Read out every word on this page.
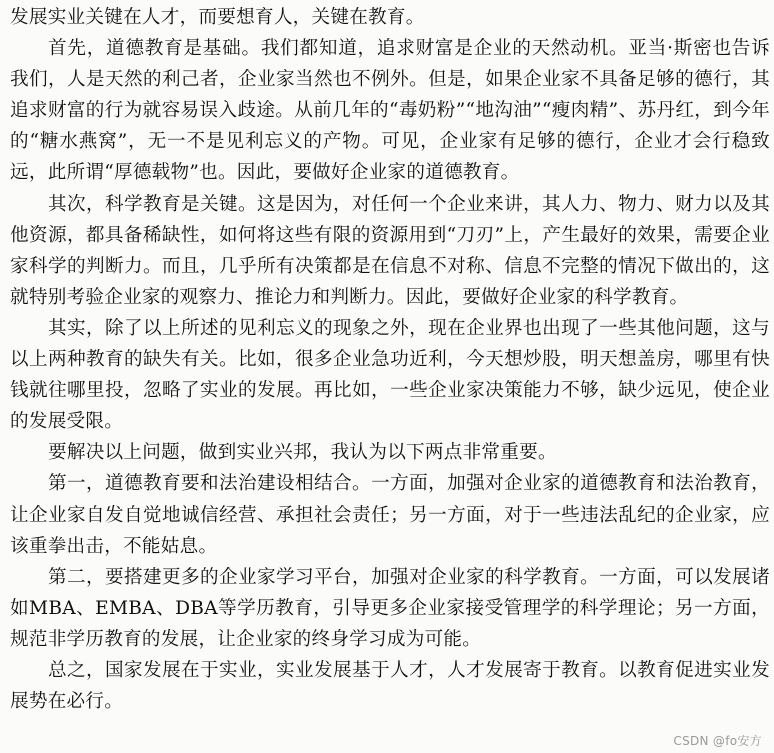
发展实业关键在人才，而要想育人，关键在教育。

首先，道德教育是基础。我们都知道，追求财富是企业的天然动机。亚当·斯密也告诉我们，人是天然的利己者，企业家当然也不例外。但是，如果企业家不具备足够的德行，其追求财富的行为就容易误入歧途。从前几年的“毒奶粉”“地沟油”“瘦肉精”、苏丹红，到今年的“糖水燕窝”，无一不是见利忘义的产物。可见，企业家有足够的德行，企业才会行稳致远，此所谓“厚德载物”也。因此，要做好企业家的道德教育。

其次，科学教育是关键。这是因为，对任何一个企业来讲，其人力、物力、财力以及其他资源，都具备稀缺性，如何将这些有限的资源用到“刀刃”上，产生最好的效果，需要企业家科学的判断力。而且，几乎所有决策都是在信息不对称、信息不完整的情况下做出的，这就特别考验企业家的观察力、推论力和判断力。因此，要做好企业家的科学教育。

其实，除了以上所述的见利忘义的现象之外，现在企业界也出现了一些其他问题，这与以上两种教育的缺失有关。比如，很多企业急功近利，今天想炒股，明天想盖房，哪里有快钱就往哪里投，忽略了实业的发展。再比如，一些企业家决策能力不够，缺少远见，使企业的发展受限。

要解决以上问题，做到实业兴邦，我认为以下两点非常重要。

第一，道德教育要和法治建设相结合。一方面，加强对企业家的道德教育和法治教育，让企业家自发自觉地诚信经营、承担社会责任；另一方面，对于一些违法乱纪的企业家，应该重拳出击，不能姑息。

第二，要搭建更多的企业家学习平台，加强对企业家的科学教育。一方面，可以发展诸如MBA、EMBA、DBA等学历教育，引导更多企业家接受管理学的科学理论；另一方面，规范非学历教育的发展，让企业家的终身学习成为可能。

总之，国家发展在于实业，实业发展基于人才，人才发展寄于教育。以教育促进实业发展势在必行。

CSDN @fo安方
